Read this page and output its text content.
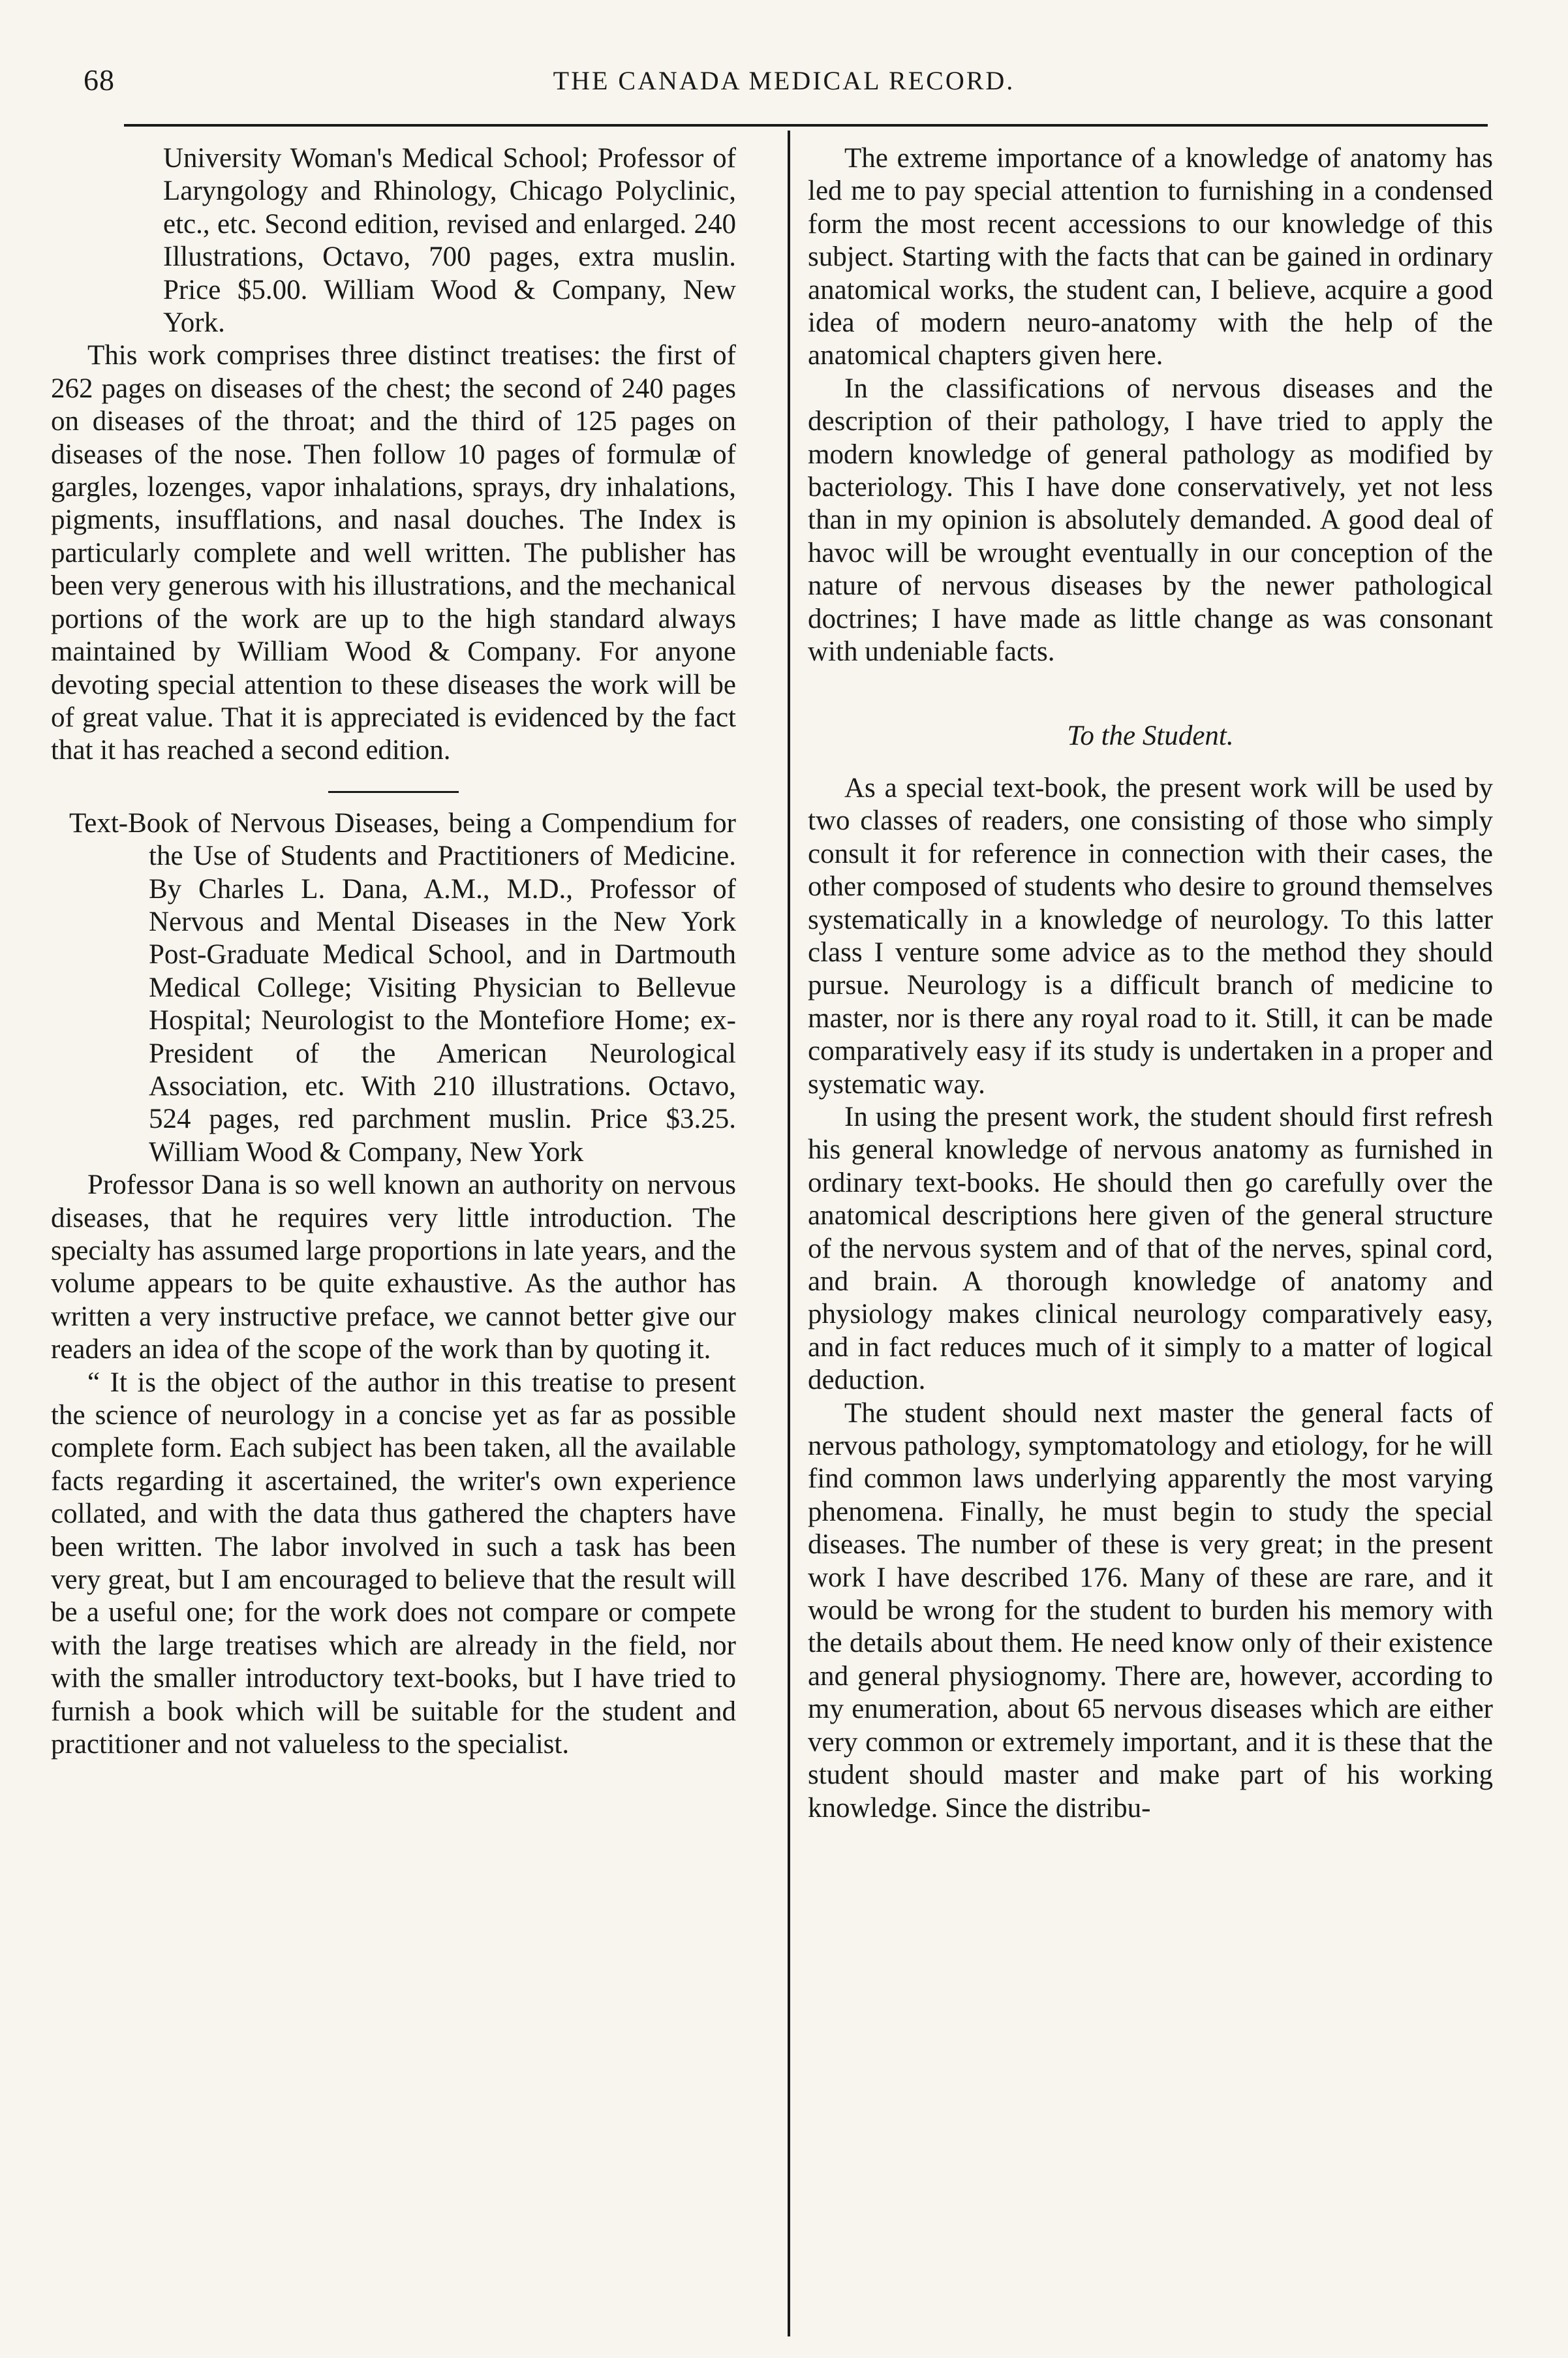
68	THE CANADA MEDICAL RECORD.

University Woman's Medical School; Professor of Laryngology and Rhinology, Chicago Polyclinic, etc., etc. Second edition, revised and enlarged. 240 Illustrations, Octavo, 700 pages, extra muslin. Price $5.00. William Wood & Company, New York.

This work comprises three distinct treatises: the first of 262 pages on diseases of the chest; the second of 240 pages on diseases of the throat; and the third of 125 pages on diseases of the nose. Then follow 10 pages of formulæ of gargles, lozenges, vapor inhalations, sprays, dry inhalations, pigments, insufflations, and nasal douches. The Index is particularly complete and well written. The publisher has been very generous with his illustrations, and the mechanical portions of the work are up to the high standard always maintained by William Wood & Company. For anyone devoting special attention to these diseases the work will be of great value. That it is appreciated is evidenced by the fact that it has reached a second edition.

Text-Book of Nervous Diseases, being a Compendium for the Use of Students and Practitioners of Medicine. By Charles L. Dana, A.M., M.D., Professor of Nervous and Mental Diseases in the New York Post-Graduate Medical School, and in Dartmouth Medical College; Visiting Physician to Bellevue Hospital; Neurologist to the Montefiore Home; ex-President of the American Neurological Association, etc. With 210 illustrations. Octavo, 524 pages, red parchment muslin. Price $3.25. William Wood & Company, New York

Professor Dana is so well known an authority on nervous diseases, that he requires very little introduction. The specialty has assumed large proportions in late years, and the volume appears to be quite exhaustive. As the author has written a very instructive preface, we cannot better give our readers an idea of the scope of the work than by quoting it.

“ It is the object of the author in this treatise to present the science of neurology in a concise yet as far as possible complete form. Each subject has been taken, all the available facts regarding it ascertained, the writer's own experience collated, and with the data thus gathered the chapters have been written. The labor involved in such a task has been very great, but I am encouraged to believe that the result will be a useful one; for the work does not compare or compete with the large treatises which are already in the field, nor with the smaller introductory text-books, but I have tried to furnish a book which will be suitable for the student and practitioner and not valueless to the specialist.

The extreme importance of a knowledge of anatomy has led me to pay special attention to furnishing in a condensed form the most recent accessions to our knowledge of this subject. Starting with the facts that can be gained in ordinary anatomical works, the student can, I believe, acquire a good idea of modern neuro-anatomy with the help of the anatomical chapters given here.

In the classifications of nervous diseases and the description of their pathology, I have tried to apply the modern knowledge of general pathology as modified by bacteriology. This I have done conservatively, yet not less than in my opinion is absolutely demanded. A good deal of havoc will be wrought eventually in our conception of the nature of nervous diseases by the newer pathological doctrines; I have made as little change as was consonant with undeniable facts.

To the Student.

As a special text-book, the present work will be used by two classes of readers, one consisting of those who simply consult it for reference in connection with their cases, the other composed of students who desire to ground themselves systematically in a knowledge of neurology. To this latter class I venture some advice as to the method they should pursue. Neurology is a difficult branch of medicine to master, nor is there any royal road to it. Still, it can be made comparatively easy if its study is undertaken in a proper and systematic way.

In using the present work, the student should first refresh his general knowledge of nervous anatomy as furnished in ordinary text-books. He should then go carefully over the anatomical descriptions here given of the general structure of the nervous system and of that of the nerves, spinal cord, and brain. A thorough knowledge of anatomy and physiology makes clinical neurology comparatively easy, and in fact reduces much of it simply to a matter of logical deduction.

The student should next master the general facts of nervous pathology, symptomatology and etiology, for he will find common laws underlying apparently the most varying phenomena. Finally, he must begin to study the special diseases. The number of these is very great; in the present work I have described 176. Many of these are rare, and it would be wrong for the student to burden his memory with the details about them. He need know only of their existence and general physiognomy. There are, however, according to my enumeration, about 65 nervous diseases which are either very common or extremely important, and it is these that the student should master and make part of his working knowledge. Since the distribu-
